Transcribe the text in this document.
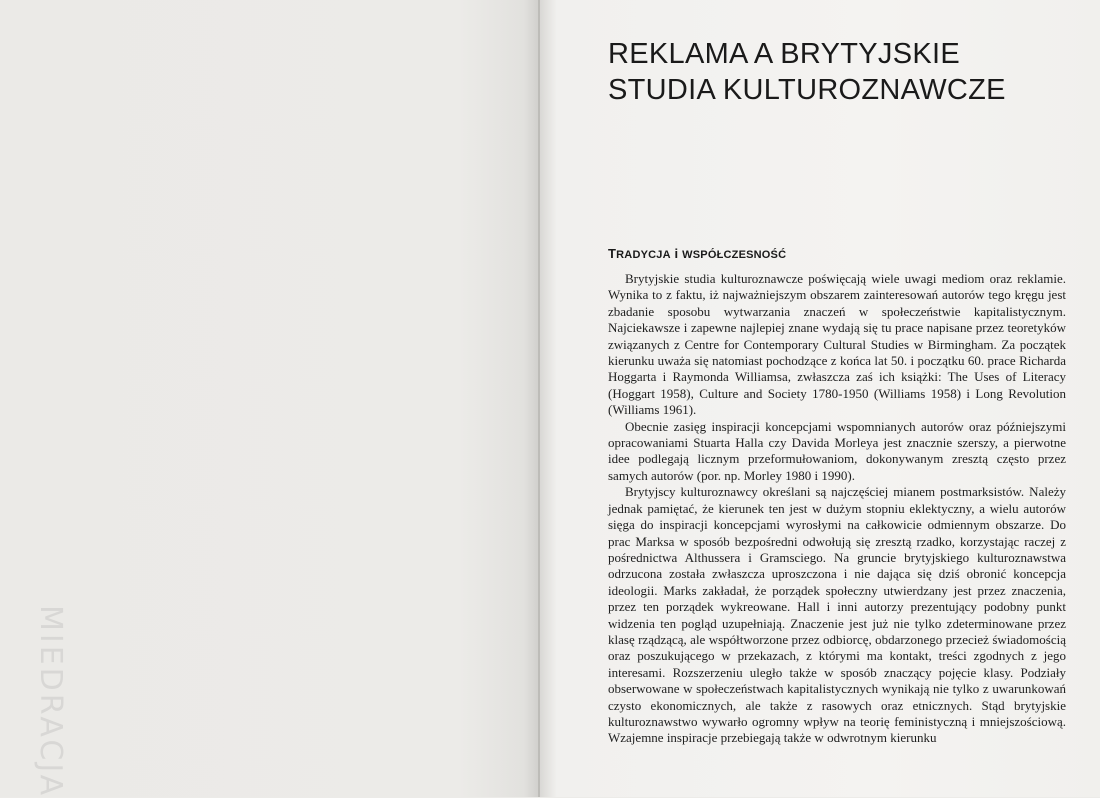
MIEDRACJA
REKLAMA A BRYTYJSKIE
STUDIA KULTUROZNAWCZE
TRADYCJA i WSPÓŁCZESNOŚĆ

Brytyjskie studia kulturoznawcze poświęcają wiele uwagi mediom oraz reklamie. Wynika to z faktu, iż najważniejszym obszarem zainteresowań autorów tego kręgu jest zbadanie sposobu wytwarzania znaczeń w społeczeństwie kapitalistycznym. Najciekawsze i zapewne najlepiej znane wydają się tu prace napisane przez teoretyków związanych z Centre for Contemporary Cultural Studies w Birmingham. Za początek kierunku uważa się natomiast pochodzące z końca lat 50. i początku 60. prace Richarda Hoggarta i Raymonda Williamsa, zwłaszcza zaś ich książki: The Uses of Literacy (Hoggart 1958), Culture and Society 1780-1950 (Williams 1958) i Long Revolution (Williams 1961).

Obecnie zasięg inspiracji koncepcjami wspomnianych autorów oraz późniejszymi opracowaniami Stuarta Halla czy Davida Morleya jest znacznie szerszy, a pierwotne idee podlegają licznym przeformułowaniom, dokonywanym zresztą często przez samych autorów (por. np. Morley 1980 i 1990).

Brytyjscy kulturoznawcy określani są najczęściej mianem postmarksistów. Należy jednak pamiętać, że kierunek ten jest w dużym stopniu eklektyczny, a wielu autorów sięga do inspiracji koncepcjami wyrosłymi na całkowicie odmiennym obszarze. Do prac Marksa w sposób bezpośredni odwołują się zresztą rzadko, korzystając raczej z pośrednictwa Althussera i Gramsciego. Na gruncie brytyjskiego kulturoznawstwa odrzucona została zwłaszcza uproszczona i nie dająca się dziś obronić koncepcja ideologii. Marks zakładał, że porządek społeczny utwierdzany jest przez znaczenia, przez ten porządek wykreowane. Hall i inni autorzy prezentujący podobny punkt widzenia ten pogląd uzupełniają. Znaczenie jest już nie tylko zdeterminowane przez klasę rządzącą, ale współtworzone przez odbiorcę, obdarzonego przecież świadomością oraz poszukującego w przekazach, z którymi ma kontakt, treści zgodnych z jego interesami. Rozszerzeniu uległo także w sposób znaczący pojęcie klasy. Podziały obserwowane w społeczeństwach kapitalistycznych wynikają nie tylko z uwarunkowań czysto ekonomicznych, ale także z rasowych oraz etnicznych. Stąd brytyjskie kulturoznawstwo wywarło ogromny wpływ na teorię feministyczną i mniejszościową. Wzajemne inspiracje przebiegają także w odwrotnym kierunku
